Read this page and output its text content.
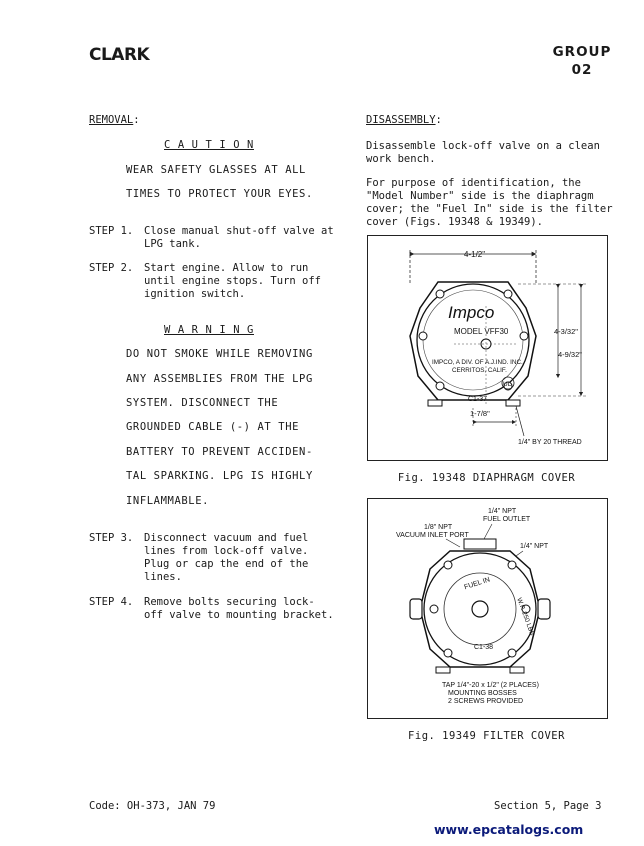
CLARK	GROUP
02
REMOVAL:
C A U T I O N
WEAR SAFETY GLASSES AT ALL
TIMES TO PROTECT YOUR EYES.
STEP 1. Close manual shut-off valve at
LPG tank.
STEP 2. Start engine. Allow to run
until engine stops. Turn off
ignition switch.
W A R N I N G
DO NOT SMOKE WHILE REMOVING
ANY ASSEMBLIES FROM THE LPG
SYSTEM. DISCONNECT THE
GROUNDED CABLE (-) AT THE
BATTERY TO PREVENT ACCIDEN-
TAL SPARKING. LPG IS HIGHLY
INFLAMMABLE.
STEP 3. Disconnect vacuum and fuel
lines from lock-off valve.
Plug or cap the end of the
lines.
STEP 4. Remove bolts securing lock-
off valve to mounting bracket.
DISASSEMBLY:
Disassemble lock-off valve on a clean
work bench.
For purpose of identification, the
"Model Number" side is the diaphragm
cover; the "Fuel In" side is the filter
cover (Figs. 19348 & 19349).
4-1/2"
4-3/32"
4-9/32"
Impco
MODEL VFF30
IMPCO, A DIV. OF A.J.IND. INC.
CERRITOS, CALIF.
UL
C1-37
1-7/8"
1/4" BY 20 THREAD
Fig. 19348 DIAPHRAGM COVER
1/4" NPT
FUEL OUTLET
1/8" NPT
VACUUM INLET PORT
1/4" NPT
FUEL IN
W.P. 250 LBS
C1-38
TAP 1/4"-20 x 1/2" (2 PLACES)
MOUNTING BOSSES
2 SCREWS PROVIDED
Fig. 19349 FILTER COVER
Code: OH-373, JAN 79	Section 5, Page 3
www.epcatalogs.com
